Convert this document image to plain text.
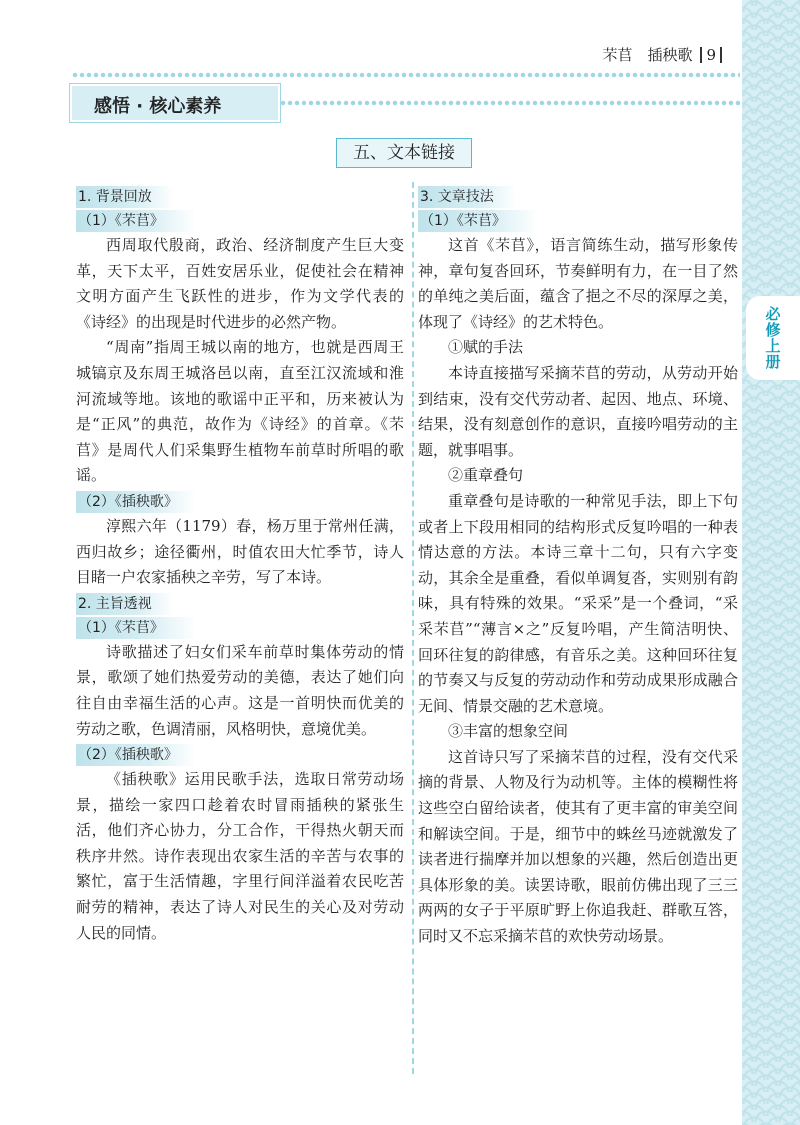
必修上册
芣苢　插秧歌 9
感悟 · 核心素养
五、文本链接
1. 背景回放
（1）《芣苢》

西周取代殷商，政治、经济制度产生巨大变革，天下太平，百姓安居乐业，促使社会在精神文明方面产生飞跃性的进步，作为文学代表的《诗经》的出现是时代进步的必然产物。

“周南”指周王城以南的地方，也就是西周王城镐京及东周王城洛邑以南，直至江汉流域和淮河流域等地。该地的歌谣中正平和，历来被认为是“正风”的典范，故作为《诗经》的首章。《芣苢》是周代人们采集野生植物车前草时所唱的歌谣。

（2）《插秧歌》

淳熙六年（1179）春，杨万里于常州任满，西归故乡；途径衢州，时值农田大忙季节，诗人目睹一户农家插秧之辛劳，写了本诗。

2. 主旨透视
（1）《芣苢》

诗歌描述了妇女们采车前草时集体劳动的情景，歌颂了她们热爱劳动的美德，表达了她们向往自由幸福生活的心声。这是一首明快而优美的劳动之歌，色调清丽，风格明快，意境优美。

（2）《插秧歌》

《插秧歌》运用民歌手法，选取日常劳动场景，描绘一家四口趁着农时冒雨插秧的紧张生活，他们齐心协力，分工合作，干得热火朝天而秩序井然。诗作表现出农家生活的辛苦与农事的繁忙，富于生活情趣，字里行间洋溢着农民吃苦耐劳的精神，表达了诗人对民生的关心及对劳动人民的同情。

3. 文章技法
（1）《芣苢》

这首《芣苢》，语言简练生动，描写形象传神，章句复沓回环，节奏鲜明有力，在一目了然的单纯之美后面，蕴含了挹之不尽的深厚之美，体现了《诗经》的艺术特色。

①赋的手法

本诗直接描写采摘芣苢的劳动，从劳动开始到结束，没有交代劳动者、起因、地点、环境、结果，没有刻意创作的意识，直接吟唱劳动的主题，就事唱事。

②重章叠句

重章叠句是诗歌的一种常见手法，即上下句或者上下段用相同的结构形式反复吟唱的一种表情达意的方法。本诗三章十二句，只有六字变动，其余全是重叠，看似单调复沓，实则别有韵味，具有特殊的效果。“采采”是一个叠词，“采采芣苢”“薄言×之”反复吟唱，产生简洁明快、回环往复的韵律感，有音乐之美。这种回环往复的节奏又与反复的劳动动作和劳动成果形成融合无间、情景交融的艺术意境。

③丰富的想象空间

这首诗只写了采摘芣苢的过程，没有交代采摘的背景、人物及行为动机等。主体的模糊性将这些空白留给读者，使其有了更丰富的审美空间和解读空间。于是，细节中的蛛丝马迹就激发了读者进行揣摩并加以想象的兴趣，然后创造出更具体形象的美。读罢诗歌，眼前仿佛出现了三三两两的女子于平原旷野上你追我赶、群歌互答，同时又不忘采摘芣苢的欢快劳动场景。
